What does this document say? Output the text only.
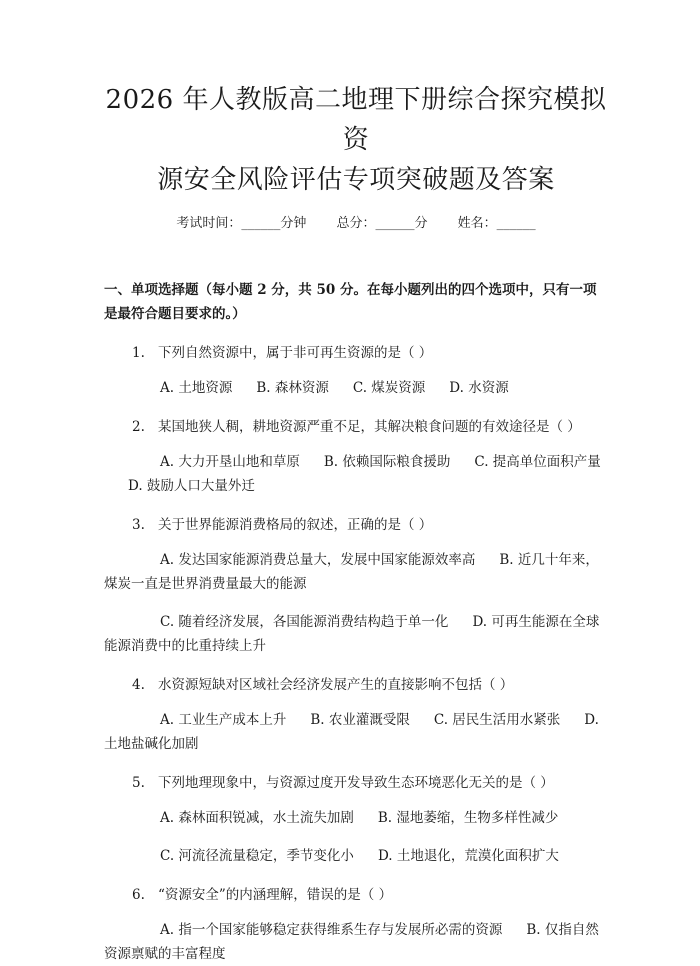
2026 年人教版高二地理下册综合探究模拟资
源安全风险评估专项突破题及答案
考试时间：______分钟 总分：______分 姓名：______
一、单项选择题（每小题 2 分，共 50 分。在每小题列出的四个选项中，只有一项是最符合题目要求的。）
1. 下列自然资源中，属于非可再生资源的是（ ）
A. 土地资源 B. 森林资源 C. 煤炭资源 D. 水资源
2. 某国地狭人稠，耕地资源严重不足，其解决粮食问题的有效途径是（ ）
A. 大力开垦山地和草原 B. 依赖国际粮食援助 C. 提高单位面积产量D. 鼓励人口大量外迁
3. 关于世界能源消费格局的叙述，正确的是（ ）
A. 发达国家能源消费总量大，发展中国家能源效率高 B. 近几十年来，煤炭一直是世界消费量最大的能源
C. 随着经济发展，各国能源消费结构趋于单一化 D. 可再生能源在全球能源消费中的比重持续上升
4. 水资源短缺对区域社会经济发展产生的直接影响不包括（ ）
A. 工业生产成本上升 B. 农业灌溉受限 C. 居民生活用水紧张 D. 土地盐碱化加剧
5. 下列地理现象中，与资源过度开发导致生态环境恶化无关的是（ ）
A. 森林面积锐减，水土流失加剧 B. 湿地萎缩，生物多样性减少
C. 河流径流量稳定，季节变化小 D. 土地退化，荒漠化面积扩大
6. “资源安全”的内涵理解，错误的是（ ）
A. 指一个国家能够稳定获得维系生存与发展所必需的资源 B. 仅指自然资源禀赋的丰富程度
